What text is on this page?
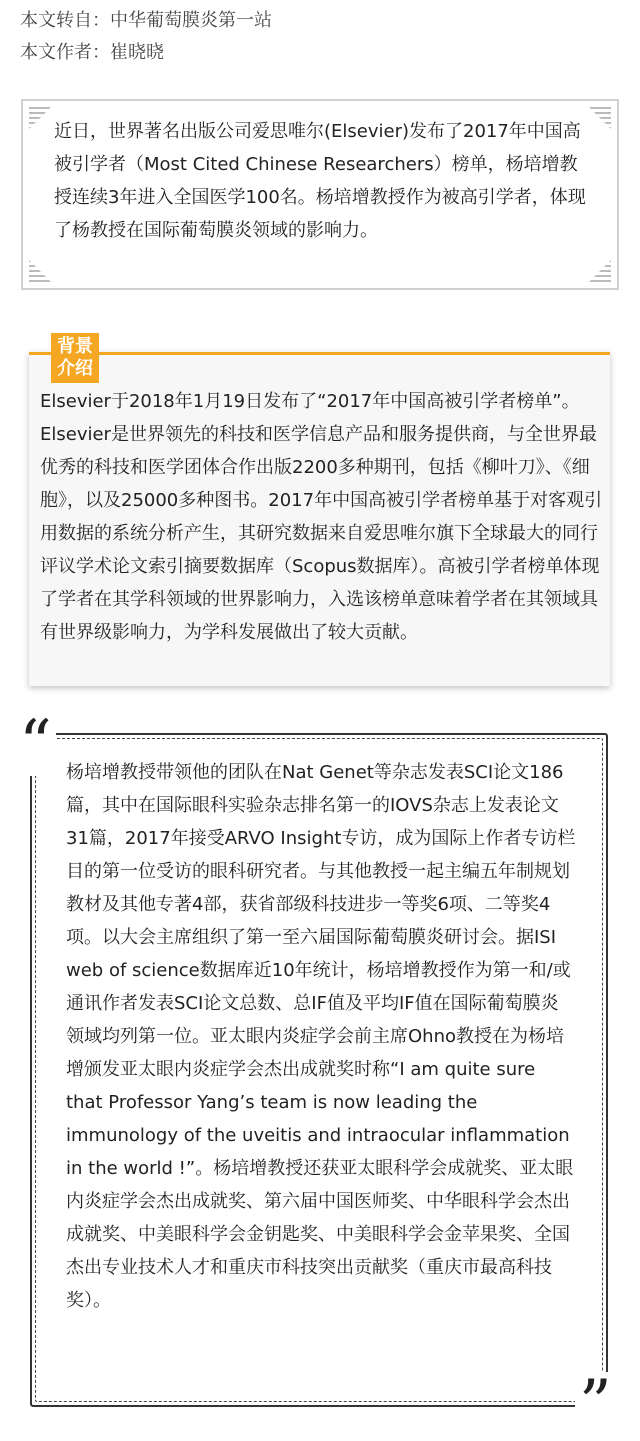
本文转自：中华葡萄膜炎第一站
本文作者：崔晓晓
近日，世界著名出版公司爱思唯尔(Elsevier)发布了2017年中国高被引学者（Most Cited Chinese Researchers）榜单，杨培增教授连续3年进入全国医学100名。杨培增教授作为被高引学者，体现了杨教授在国际葡萄膜炎领域的影响力。
背景介绍
Elsevier于2018年1月19日发布了“2017年中国高被引学者榜单”。 Elsevier是世界领先的科技和医学信息产品和服务提供商，与全世界最优秀的科技和医学团体合作出版2200多种期刊，包括《柳叶刀》、《细胞》，以及25000多种图书。2017年中国高被引学者榜单基于对客观引用数据的系统分析产生，其研究数据来自爱思唯尔旗下全球最大的同行评议学术论文索引摘要数据库（Scopus数据库）。高被引学者榜单体现了学者在其学科领域的世界影响力，入选该榜单意味着学者在其领域具有世界级影响力，为学科发展做出了较大贡献。
“ 杨培增教授带领他的团队在Nat Genet等杂志发表SCI论文186篇，其中在国际眼科实验杂志排名第一的IOVS杂志上发表论文31篇，2017年接受ARVO Insight专访，成为国际上作者专访栏目的第一位受访的眼科研究者。与其他教授一起主编五年制规划教材及其他专著4部，获省部级科技进步一等奖6项、二等奖4项。以大会主席组织了第一至六届国际葡萄膜炎研讨会。据ISI web of science数据库近10年统计，杨培增教授作为第一和/或通讯作者发表SCI论文总数、总IF值及平均IF值在国际葡萄膜炎领域均列第一位。亚太眼内炎症学会前主席Ohno教授在为杨培增颁发亚太眼内炎症学会杰出成就奖时称“I am quite sure that Professor Yang’s team is now leading the immunology of the uveitis and intraocular inflammation in the world !”。杨培增教授还获亚太眼科学会成就奖、亚太眼内炎症学会杰出成就奖、第六届中国医师奖、中华眼科学会杰出成就奖、中美眼科学会金钥匙奖、中美眼科学会金苹果奖、全国杰出专业技术人才和重庆市科技突出贡献奖（重庆市最高科技奖）。
”
